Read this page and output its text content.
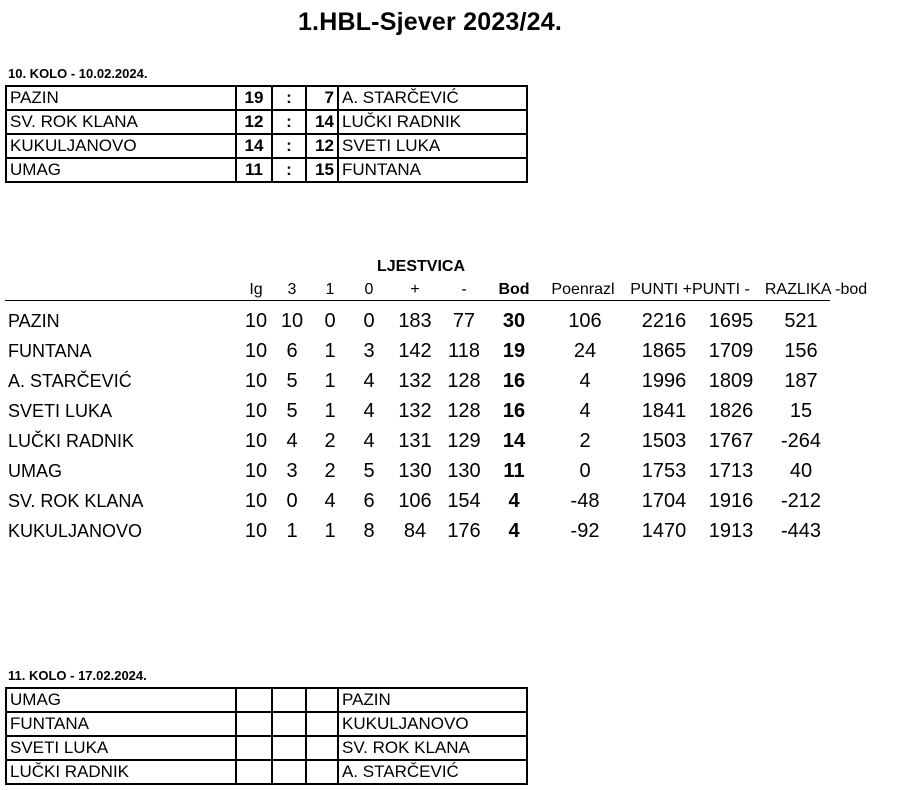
1.HBL-Sjever 2023/24.
10. KOLO - 10.02.2024.
PAZIN	19	:	7	A. STARČEVIĆ
SV. ROK KLANA	12	:	14	LUČKI RADNIK
KUKULJANOVO	14	:	12	SVETI LUKA
UMAG	11	:	15	FUNTANA
LJESTVICA
Ig 3 1 0 +	- Bod Poenrazl PUNTI +PUNTI - RAZLIKA -bod
PAZIN	10 10 0 0 183 77 30 106 2216 1695 521
FUNTANA	10 6 1 3 142 118 19 24 1865 1709 156
A. STARČEVIĆ	10 5 1 4 132 128 16	4	1996 1809 187
SVETI LUKA	10 5 1 4 132 128 16	4	1841 1826 15
LUČKI RADNIK	10 4 2 4 131 129 14	2	1503 1767 -264
UMAG	10 3 2 5 130 130 11	0	1753 1713 40
SV. ROK KLANA	10 0 4 6 106 154 4	-48 1704 1916 -212
KUKULJANOVO	10 1 1 8 84 176 4	-92 1470 1913 -443
11. KOLO - 17.02.2024.
UMAG				PAZIN
FUNTANA				KUKULJANOVO
SVETI LUKA				SV. ROK KLANA
LUČKI RADNIK				A. STARČEVIĆ
